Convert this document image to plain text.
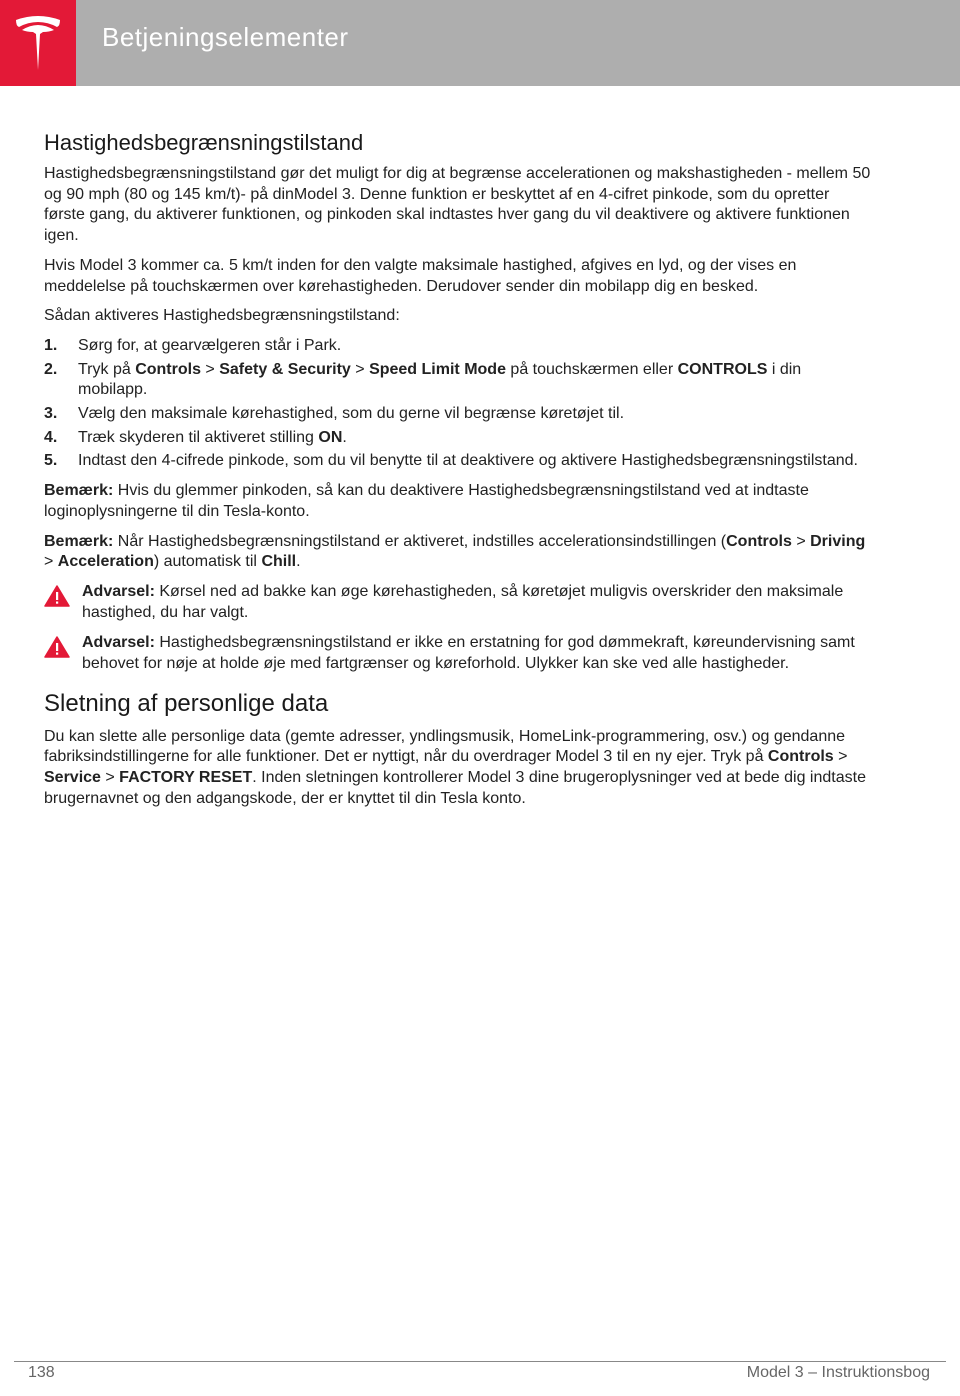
Betjeningselementer
Hastighedsbegrænsningstilstand

Hastighedsbegrænsningstilstand gør det muligt for dig at begrænse accelerationen og makshastigheden - mellem 50 og 90 mph (80 og 145 km/t)- på dinModel 3. Denne funktion er beskyttet af en 4-cifret pinkode, som du opretter første gang, du aktiverer funktionen, og pinkoden skal indtastes hver gang du vil deaktivere og aktivere funktionen igen.

Hvis Model 3 kommer ca. 5 km/t inden for den valgte maksimale hastighed, afgives en lyd, og der vises en meddelelse på touchskærmen over kørehastigheden. Derudover sender din mobilapp dig en besked.

Sådan aktiveres Hastighedsbegrænsningstilstand:

1. Sørg for, at gearvælgeren står i Park.
2. Tryk på Controls > Safety & Security > Speed Limit Mode på touchskærmen eller CONTROLS i din mobilapp.
3. Vælg den maksimale kørehastighed, som du gerne vil begrænse køretøjet til.
4. Træk skyderen til aktiveret stilling ON.
5. Indtast den 4-cifrede pinkode, som du vil benytte til at deaktivere og aktivere Hastighedsbegrænsningstilstand.

Bemærk: Hvis du glemmer pinkoden, så kan du deaktivere Hastighedsbegrænsningstilstand ved at indtaste loginoplysningerne til din Tesla-konto.

Bemærk: Når Hastighedsbegrænsningstilstand er aktiveret, indstilles accelerationsindstillingen (Controls > Driving > Acceleration) automatisk til Chill.

Advarsel: Kørsel ned ad bakke kan øge kørehastigheden, så køretøjet muligvis overskrider den maksimale hastighed, du har valgt.
Advarsel: Hastighedsbegrænsningstilstand er ikke en erstatning for god dømmekraft, køreundervisning samt behovet for nøje at holde øje med fartgrænser og køreforhold. Ulykker kan ske ved alle hastigheder.
Sletning af personlige data

Du kan slette alle personlige data (gemte adresser, yndlingsmusik, HomeLink-programmering, osv.) og gendanne fabriksindstillingerne for alle funktioner. Det er nyttigt, når du overdrager Model 3 til en ny ejer. Tryk på Controls > Service > FACTORY RESET. Inden sletningen kontrollerer Model 3 dine brugeroplysninger ved at bede dig indtaste brugernavnet og den adgangskode, der er knyttet til din Tesla konto.

138	Model 3 – Instruktionsbog
